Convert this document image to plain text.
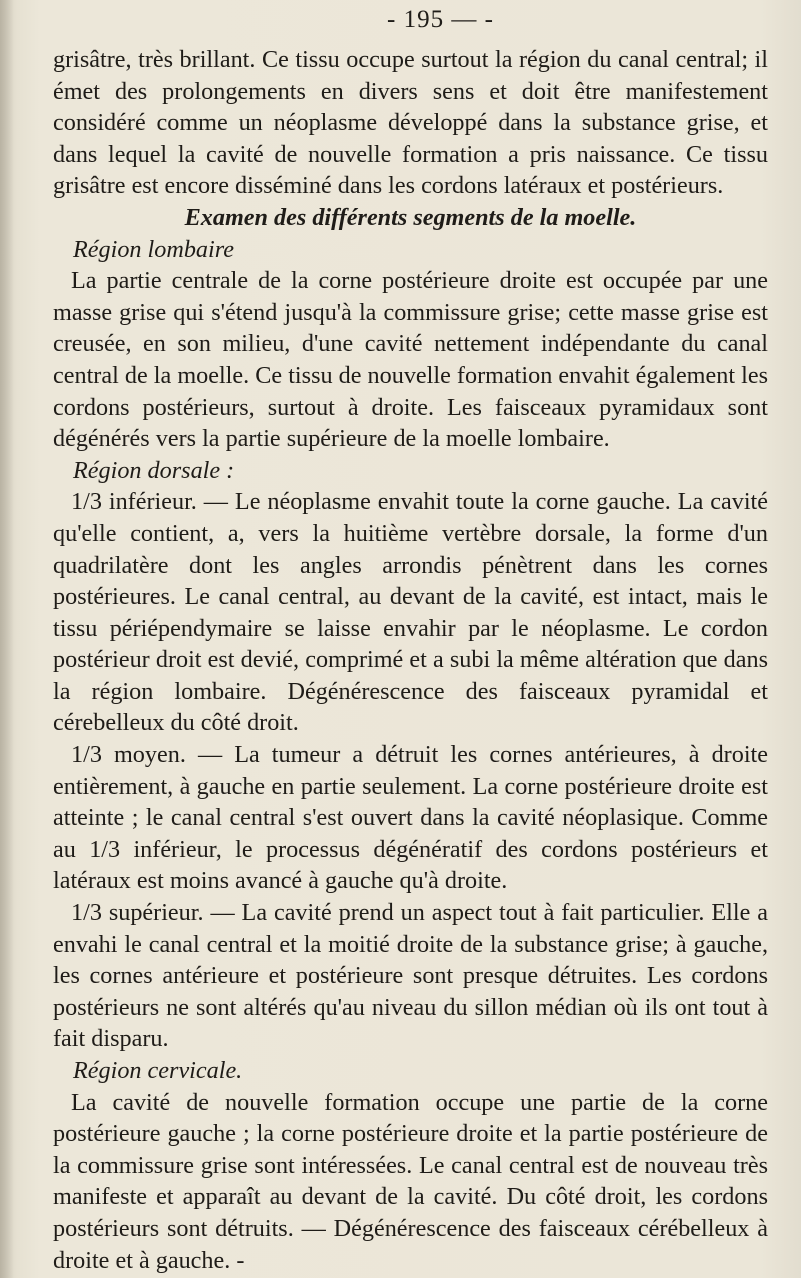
- 195 — -

grisâtre, très brillant. Ce tissu occupe surtout la région du canal central; il émet des prolongements en divers sens et doit être manifestement considéré comme un néoplasme développé dans la substance grise, et dans lequel la cavité de nouvelle formation a pris naissance. Ce tissu grisâtre est encore disséminé dans les cordons latéraux et postérieurs.

Examen des différents segments de la moelle.

Région lombaire

La partie centrale de la corne postérieure droite est occupée par une masse grise qui s'étend jusqu'à la commissure grise; cette masse grise est creusée, en son milieu, d'une cavité nettement indépendante du canal central de la moelle. Ce tissu de nouvelle formation envahit également les cordons postérieurs, surtout à droite. Les faisceaux pyramidaux sont dégénérés vers la partie supérieure de la moelle lombaire.

Région dorsale :

1/3 inférieur. — Le néoplasme envahit toute la corne gauche. La cavité qu'elle contient, a, vers la huitième vertèbre dorsale, la forme d'un quadrilatère dont les angles arrondis pénètrent dans les cornes postérieures. Le canal central, au devant de la cavité, est intact, mais le tissu périépendymaire se laisse envahir par le néoplasme. Le cordon postérieur droit est devié, comprimé et a subi la même altération que dans la région lombaire. Dégénérescence des faisceaux pyramidal et cérebelleux du côté droit.

1/3 moyen. — La tumeur a détruit les cornes antérieures, à droite entièrement, à gauche en partie seulement. La corne postérieure droite est atteinte ; le canal central s'est ouvert dans la cavité néoplasique. Comme au 1/3 inférieur, le processus dégénératif des cordons postérieurs et latéraux est moins avancé à gauche qu'à droite.

1/3 supérieur. — La cavité prend un aspect tout à fait particulier. Elle a envahi le canal central et la moitié droite de la substance grise; à gauche, les cornes antérieure et postérieure sont presque détruites. Les cordons postérieurs ne sont altérés qu'au niveau du sillon médian où ils ont tout à fait disparu.

Région cervicale.

La cavité de nouvelle formation occupe une partie de la corne postérieure gauche ; la corne postérieure droite et la partie postérieure de la commissure grise sont intéressées. Le canal central est de nouveau très manifeste et apparaît au devant de la cavité. Du côté droit, les cordons postérieurs sont détruits. — Dégénérescence des faisceaux cérébelleux à droite et à gauche. -
